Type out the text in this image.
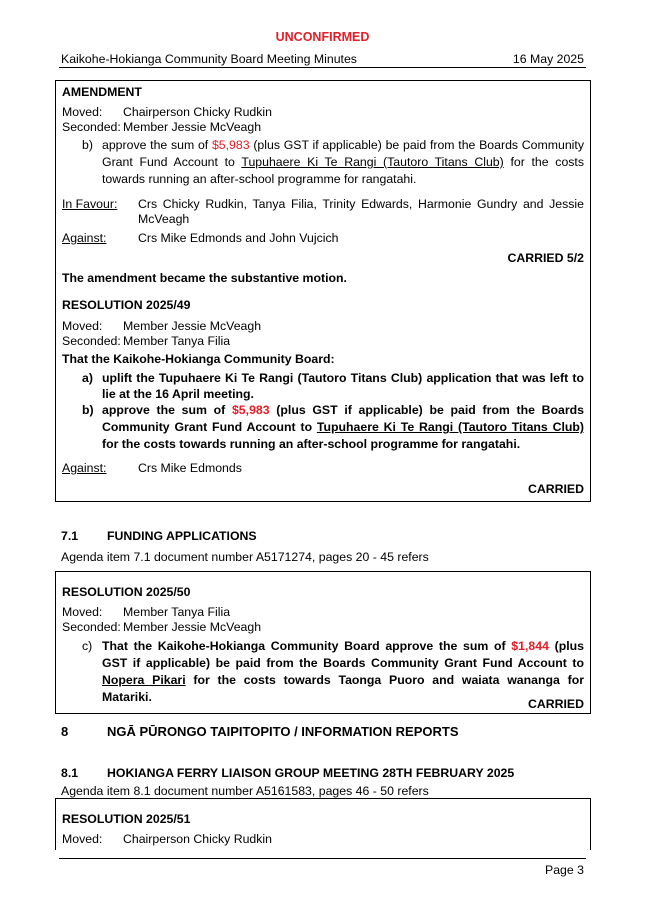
UNCONFIRMED
Kaikohe-Hokianga Community Board Meeting Minutes	16 May 2025
AMENDMENT
Moved: Chairperson Chicky Rudkin
Seconded: Member Jessie McVeagh
b) approve the sum of $5,983 (plus GST if applicable) be paid from the Boards Community Grant Fund Account to Tupuhaere Ki Te Rangi (Tautoro Titans Club) for the costs towards running an after-school programme for rangatahi.
In Favour: Crs Chicky Rudkin, Tanya Filia, Trinity Edwards, Harmonie Gundry and Jessie McVeagh
Against:	Crs Mike Edmonds and John Vujcich
CARRIED 5/2
The amendment became the substantive motion.
RESOLUTION 2025/49
Moved: Member Jessie McVeagh
Seconded: Member Tanya Filia
That the Kaikohe-Hokianga Community Board:
a) uplift the Tupuhaere Ki Te Rangi (Tautoro Titans Club) application that was left to lie at the 16 April meeting.
b) approve the sum of $5,983 (plus GST if applicable) be paid from the Boards Community Grant Fund Account to Tupuhaere Ki Te Rangi (Tautoro Titans Club) for the costs towards running an after-school programme for rangatahi.
Against:	Crs Mike Edmonds
CARRIED
7.1 FUNDING APPLICATIONS
Agenda item 7.1 document number A5171274, pages 20 - 45 refers
RESOLUTION 2025/50
Moved: Member Tanya Filia
Seconded: Member Jessie McVeagh
c) That the Kaikohe-Hokianga Community Board approve the sum of $1,844 (plus GST if applicable) be paid from the Boards Community Grant Fund Account to Nopera Pikari for the costs towards Taonga Puoro and waiata wananga for Matariki.	CARRIED
8	NGĀ PŪRONGO TAIPITOPITO / INFORMATION REPORTS
8.1 HOKIANGA FERRY LIAISON GROUP MEETING 28TH FEBRUARY 2025
Agenda item 8.1 document number A5161583, pages 46 - 50 refers
RESOLUTION 2025/51
Moved: Chairperson Chicky Rudkin
Page 3
